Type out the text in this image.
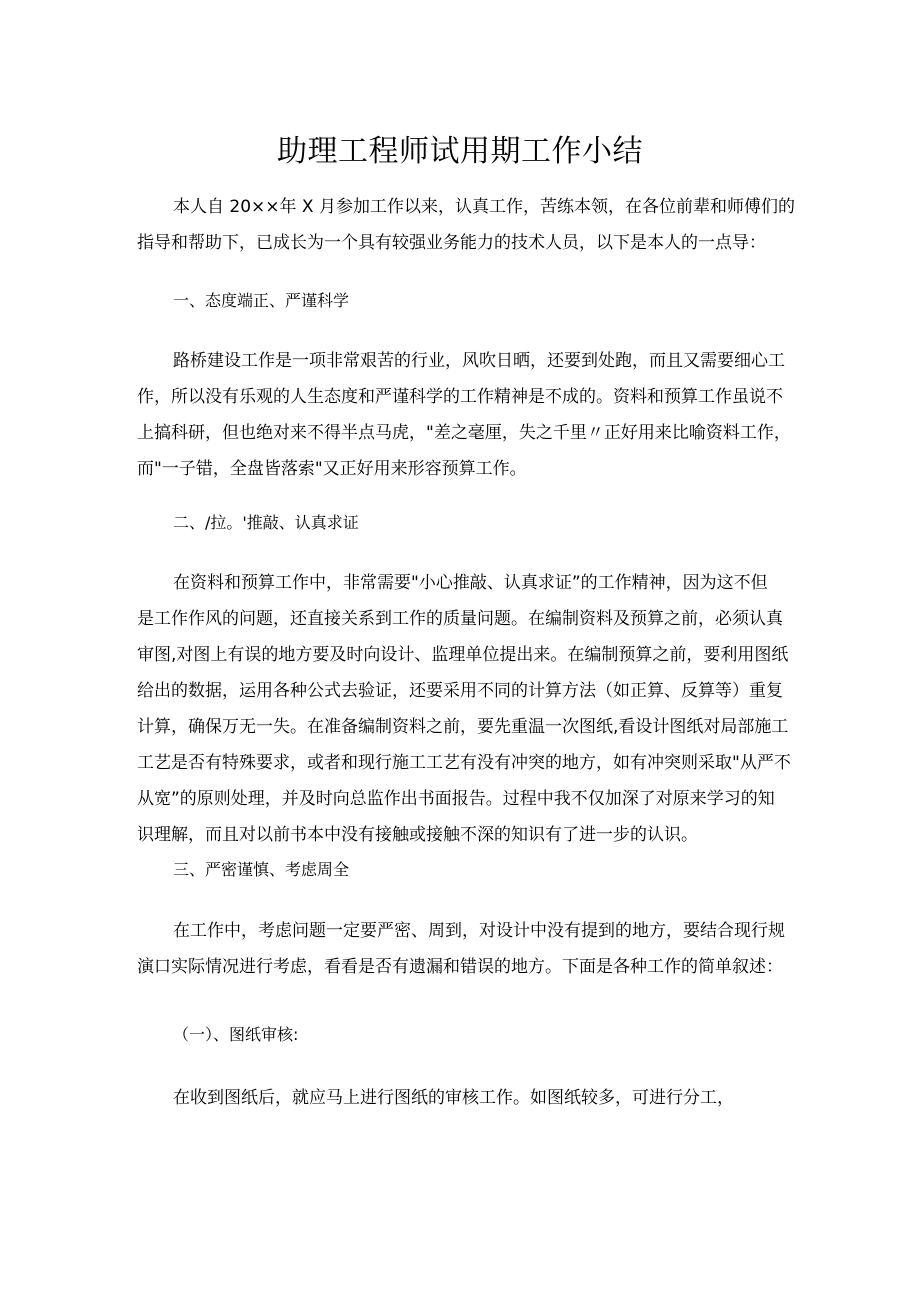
助理工程师试用期工作小结
本人自 20××年 X 月参加工作以来，认真工作，苦练本领，在各位前辈和师傅们的
指导和帮助下，已成长为一个具有较强业务能力的技术人员，以下是本人的一点导：
一、态度端正、严谨科学
路桥建设工作是一项非常艰苦的行业，风吹日晒，还要到处跑，而且又需要细心工
作，所以没有乐观的人生态度和严谨科学的工作精神是不成的。资料和预算工作虽说不
上搞科研，但也绝对来不得半点马虎，"差之毫厘，失之千里〃正好用来比喻资料工作，
而"一子错，全盘皆落索"又正好用来形容预算工作。
二、/拉。'推敲、认真求证
在资料和预算工作中，非常需要"小心推敲、认真求证”的工作精神，因为这不但
是工作作风的问题，还直接关系到工作的质量问题。在编制资料及预算之前，必须认真
审图,对图上有误的地方要及时向设计、监理单位提出来。在编制预算之前，要利用图纸
给出的数据，运用各种公式去验证，还要采用不同的计算方法（如正算、反算等）重复
计算，确保万无一失。在准备编制资料之前，要先重温一次图纸,看设计图纸对局部施工
工艺是否有特殊要求，或者和现行施工工艺有没有冲突的地方，如有冲突则采取"从严不
从宽”的原则处理，并及时向总监作出书面报告。过程中我不仅加深了对原来学习的知
识理解，而且对以前书本中没有接触或接触不深的知识有了进一步的认识。
三、严密谨慎、考虑周全
在工作中，考虑问题一定要严密、周到，对设计中没有提到的地方，要结合现行规
演口实际情况进行考虑，看看是否有遗漏和错误的地方。下面是各种工作的简单叙述：
（一）、图纸审核:
在收到图纸后，就应马上进行图纸的审核工作。如图纸较多，可进行分工，
